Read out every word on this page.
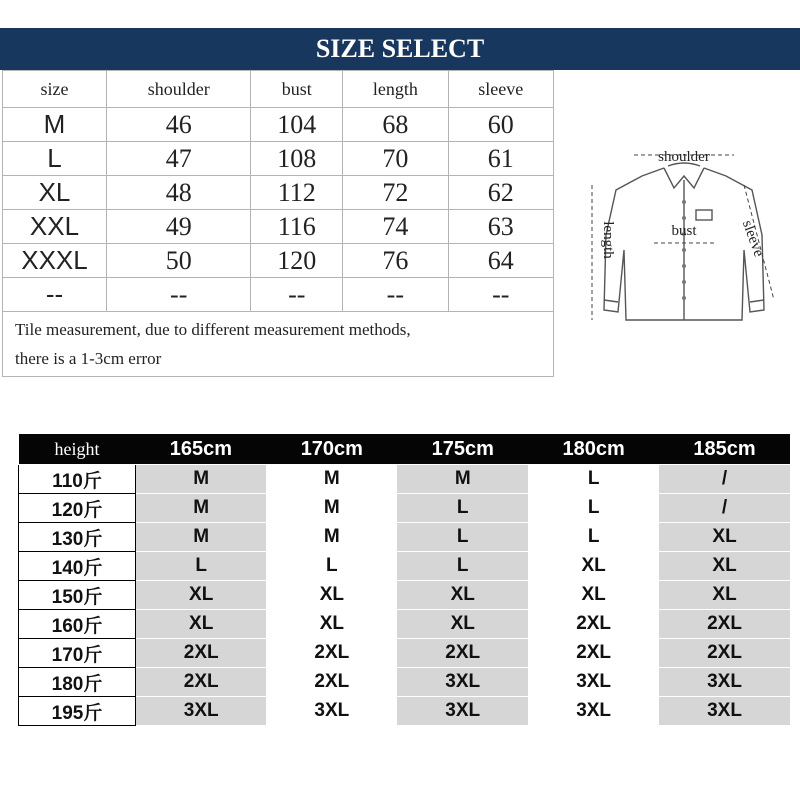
SIZE SELECT
size	shoulder	bust	length	sleeve
M	46	104	68	60
L	47	108	70	61
XL	48	112	72	62
XXL	49	116	74	63
XXXL	50	120	76	64
--	--	--	--	--
Tile measurement, due to different measurement methods,
there is a 1-3cm error				
shoulder
bust
length	sleeve
height	165cm	170cm	175cm	180cm	185cm
110斤	M	M	M	L	/
120斤	M	M	L	L	/
130斤	M	M	L	L	XL
140斤	L	L	L	XL	XL
150斤	XL	XL	XL	XL	XL
160斤	XL	XL	XL	2XL	2XL
170斤	2XL	2XL	2XL	2XL	2XL
180斤	2XL	2XL	3XL	3XL	3XL
195斤	3XL	3XL	3XL	3XL	3XL
